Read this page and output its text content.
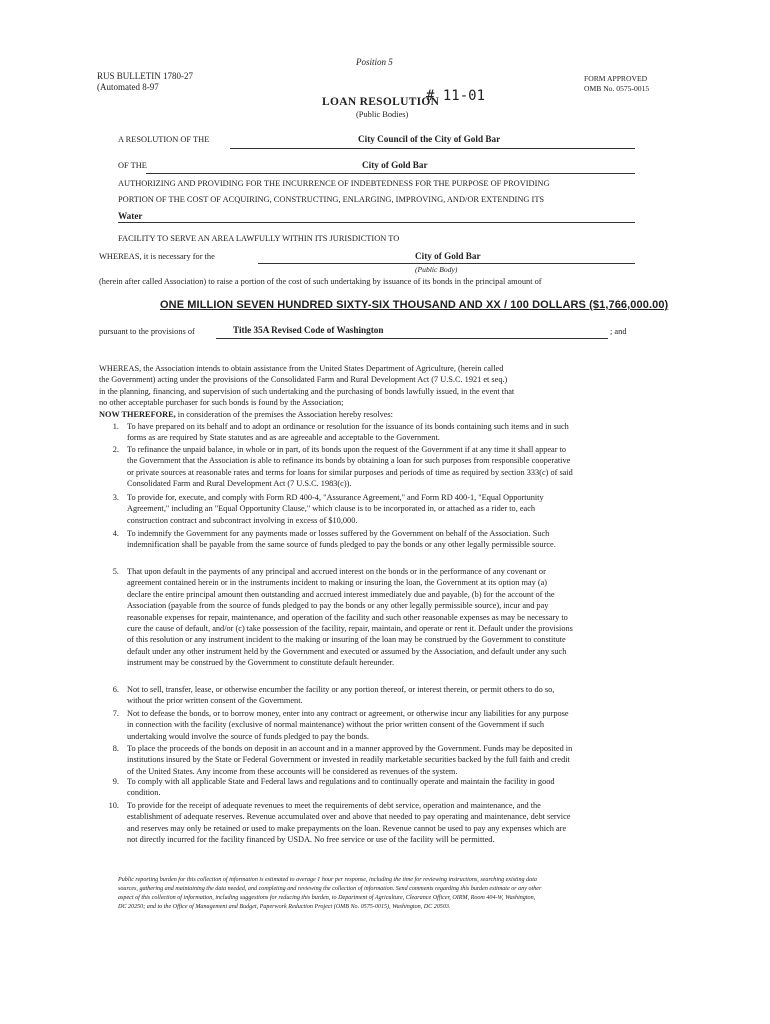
Position 5
RUS BULLETIN 1780-27
(Automated 8-97
FORM APPROVED
OMB No. 0575-0015
LOAN RESOLUTION
# 11-01
(Public Bodies)
A RESOLUTION OF THE	City Council of the City of Gold Bar
OF THE	City of Gold Bar
AUTHORIZING AND PROVIDING FOR THE INCURRENCE OF INDEBTEDNESS FOR THE PURPOSE OF PROVIDING
PORTION OF THE COST OF ACQUIRING, CONSTRUCTING, ENLARGING, IMPROVING, AND/OR EXTENDING ITS
Water
FACILITY TO SERVE AN AREA LAWFULLY WITHIN ITS JURISDICTION TO
WHEREAS, it is necessary for the	City of Gold Bar
(Public Body)
(herein after called Association) to raise a portion of the cost of such undertaking by issuance of its bonds in the principal amount of
ONE MILLION SEVEN HUNDRED SIXTY-SIX THOUSAND AND XX / 100 DOLLARS ($1,766,000.00)
pursuant to the provisions of	Title 35A Revised Code of Washington	; and
WHEREAS, the Association intends to obtain assistance from the United States Department of Agriculture, (herein called
the Government) acting under the provisions of the Consolidated Farm and Rural Development Act (7 U.S.C. 1921 et seq.)
in the planning, financing, and supervision of such undertaking and the purchasing of bonds lawfully issued, in the event that
no other acceptable purchaser for such bonds is found by the Association;
NOW THEREFORE, in consideration of the premises the Association hereby resolves:
1. To have prepared on its behalf and to adopt an ordinance or resolution for the issuance of its bonds containing such items and in such forms as are required by State statutes and as are agreeable and acceptable to the Government.
2. To refinance the unpaid balance, in whole or in part, of its bonds upon the request of the Government if at any time it shall appear to the Government that the Association is able to refinance its bonds by obtaining a loan for such purposes from responsible cooperative or private sources at reasonable rates and terms for loans for similar purposes and periods of time as required by section 333(c) of said Consolidated Farm and Rural Development Act (7 U.S.C. 1983(c)).
3. To provide for, execute, and comply with Form RD 400-4, "Assurance Agreement," and Form RD 400-1, "Equal Opportunity Agreement," including an "Equal Opportunity Clause," which clause is to be incorporated in, or attached as a rider to, each construction contract and subcontract involving in excess of $10,000.
4. To indemnify the Government for any payments made or losses suffered by the Government on behalf of the Association. Such indemnification shall be payable from the same source of funds pledged to pay the bonds or any other legally permissible source.
5. That upon default in the payments of any principal and accrued interest on the bonds or in the performance of any covenant or agreement contained herein or in the instruments incident to making or insuring the loan, the Government at its option may (a) declare the entire principal amount then outstanding and accrued interest immediately due and payable, (b) for the account of the Association (payable from the source of funds pledged to pay the bonds or any other legally permissible source), incur and pay reasonable expenses for repair, maintenance, and operation of the facility and such other reasonable expenses as may be necessary to cure the cause of default, and/or (c) take possession of the facility, repair, maintain, and operate or rent it. Default under the provisions of this resolution or any instrument incident to the making or insuring of the loan may be construed by the Government to constitute default under any other instrument held by the Government and executed or assumed by the Association, and default under any such instrument may be construed by the Government to constitute default hereunder.
6. Not to sell, transfer, lease, or otherwise encumber the facility or any portion thereof, or interest therein, or permit others to do so, without the prior written consent of the Government.
7. Not to defease the bonds, or to borrow money, enter into any contract or agreement, or otherwise incur any liabilities for any purpose in connection with the facility (exclusive of normal maintenance) without the prior written consent of the Government if such undertaking would involve the source of funds pledged to pay the bonds.
8. To place the proceeds of the bonds on deposit in an account and in a manner approved by the Government. Funds may be deposited in institutions insured by the State or Federal Government or invested in readily marketable securities backed by the full faith and credit of the United States. Any income from these accounts will be considered as revenues of the system.
9. To comply with all applicable State and Federal laws and regulations and to continually operate and maintain the facility in good condition.
10. To provide for the receipt of adequate revenues to meet the requirements of debt service, operation and maintenance, and the establishment of adequate reserves. Revenue accumulated over and above that needed to pay operating and maintenance, debt service and reserves may only be retained or used to make prepayments on the loan. Revenue cannot be used to pay any expenses which are not directly incurred for the facility financed by USDA. No free service or use of the facility will be permitted.
Public reporting burden for this collection of information is estimated to average 1 hour per response, including the time for reviewing instructions, searching existing data sources, gathering and maintaining the data needed, and completing and reviewing the collection of information. Send comments regarding this burden estimate or any other aspect of this collection of information, including suggestions for reducing this burden, to Department of Agriculture, Clearance Officer, OIRM, Room 404-W, Washington, DC 20250; and to the Office of Management and Budget, Paperwork Reduction Project (OMB No. 0575-0015), Washington, DC 20503.
